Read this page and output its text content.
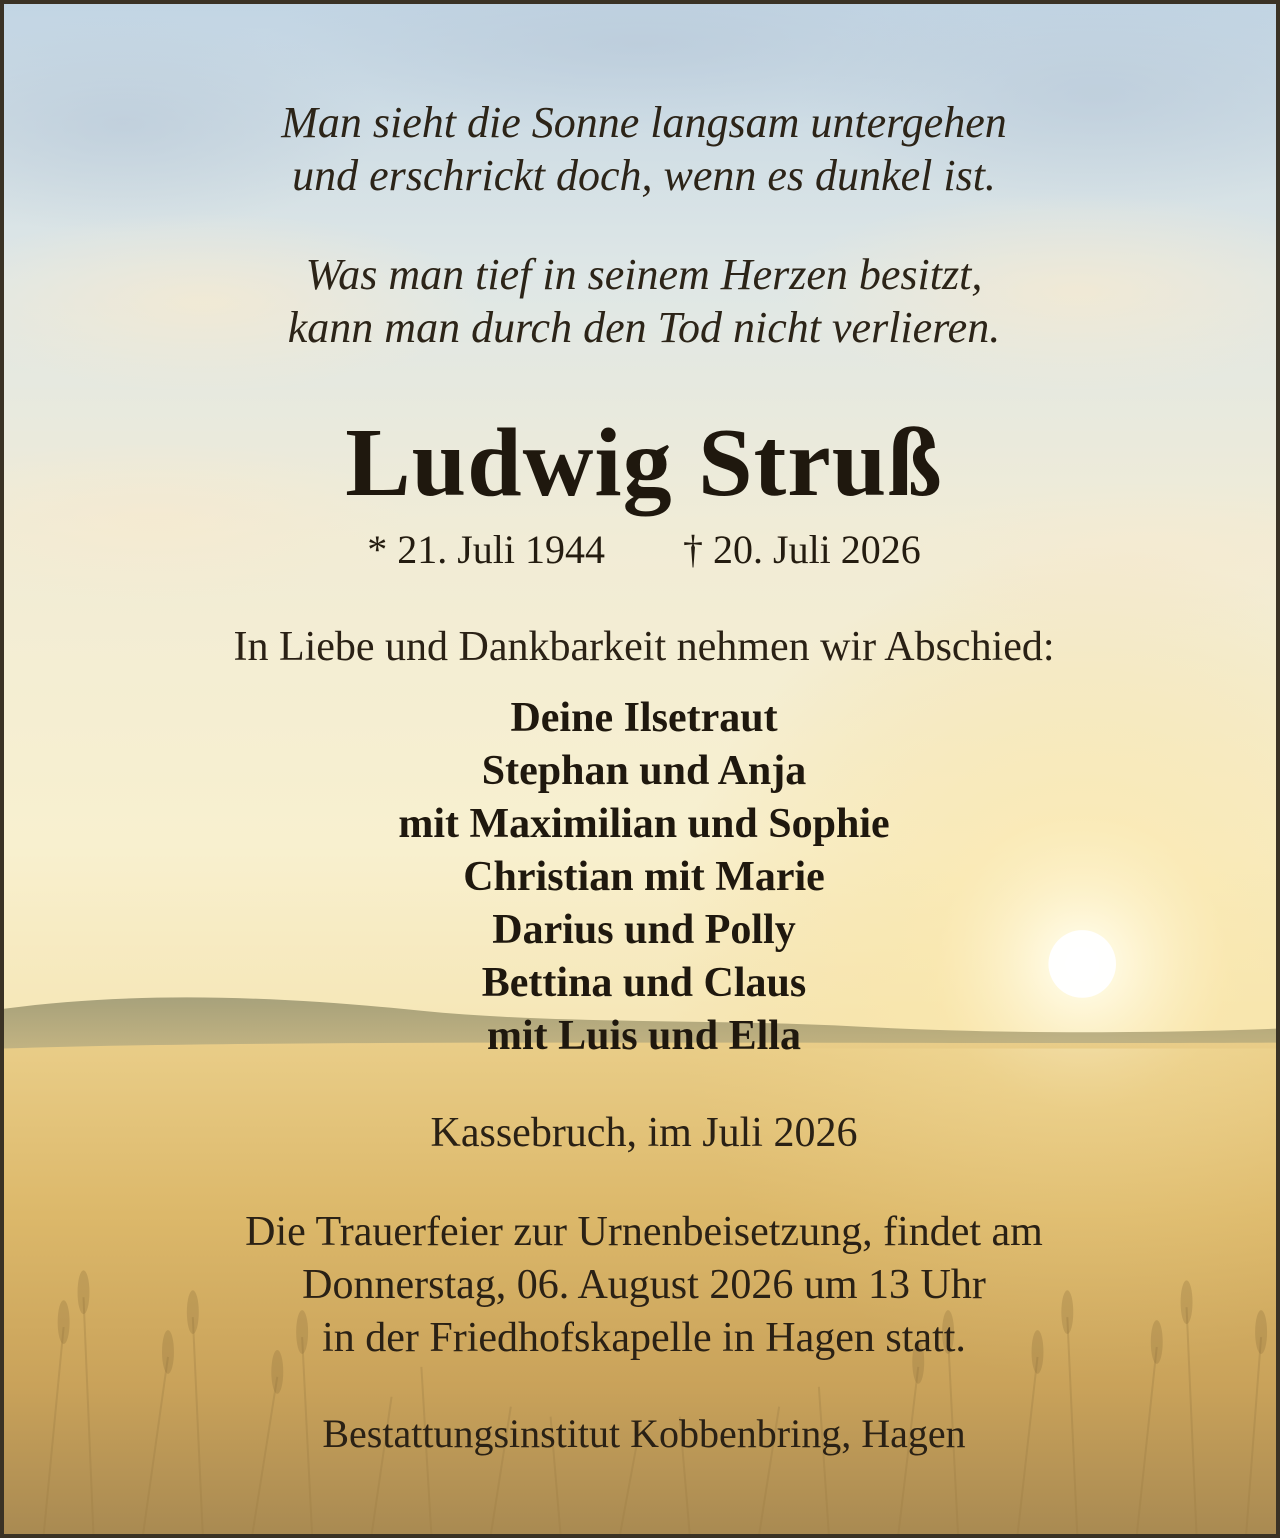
Man sieht die Sonne langsam untergehen
und erschrickt doch, wenn es dunkel ist.
Was man tief in seinem Herzen besitzt,
kann man durch den Tod nicht verlieren.
Ludwig Struß
* 21. Juli 1944 † 20. Juli 2026
In Liebe und Dankbarkeit nehmen wir Abschied:
Deine Ilsetraut
Stephan und Anja
mit Maximilian und Sophie
Christian mit Marie
Darius und Polly
Bettina und Claus
mit Luis und Ella
Kassebruch, im Juli 2026
Die Trauerfeier zur Urnenbeisetzung, findet am
Donnerstag, 06. August 2026 um 13 Uhr
in der Friedhofskapelle in Hagen statt.
Bestattungsinstitut Kobbenbring, Hagen
